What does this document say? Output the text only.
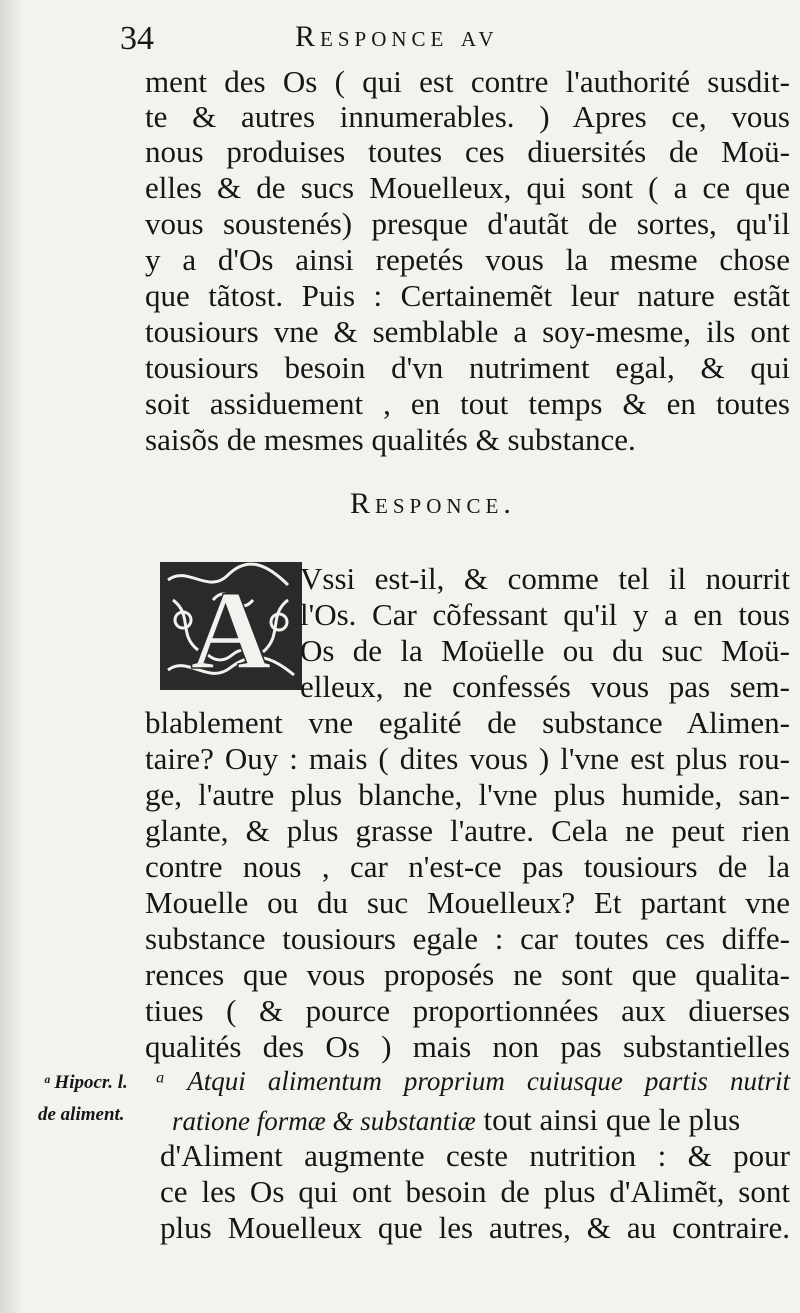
34	Responce av
ment des Os ( qui est contre l'authorité susdit-
te & autres innumerables. ) Apres ce, vous
nous produises toutes ces diuersités de Moü-
elles & de sucs Mouelleux, qui sont ( a ce que
vous soustenés) presque d'autãt de sortes, qu'il
y a d'Os ainsi repetés vous la mesme chose
que tãtost. Puis : Certainemẽt leur nature estãt
tousiours vne & semblable a soy-mesme, ils ont
tousiours besoin d'vn nutriment egal, & qui
soit assiduement , en tout temps & en toutes
saisõs de mesmes qualités & substance.
Responce.
A Vssi est-il, & comme tel il nourrit
l'Os. Car cõfessant qu'il y a en tous
Os de la Moüelle ou du suc Moü-
elleux, ne confessés vous pas sem-
blablement vne egalité de substance Alimen-
taire? Ouy : mais ( dites vous ) l'vne est plus rou-
ge, l'autre plus blanche, l'vne plus humide, san-
glante, & plus grasse l'autre. Cela ne peut rien
contre nous , car n'est-ce pas tousiours de la
Mouelle ou du suc Mouelleux? Et partant vne
substance tousiours egale : car toutes ces diffe-
rences que vous proposés ne sont que qualita-
tiues ( & pource proportionnées aux diuerses
qualités des Os ) mais non pas substantielles
ᵃ Atqui alimentum proprium cuiusque partis nutrit
ratione formæ & substantiæ tout ainsi que le plus
d'Aliment augmente ceste nutrition : & pour
ce les Os qui ont besoin de plus d'Alimẽt, sont
plus Mouelleux que les autres, & au contraire.
ᵃ Hipocr. l.
de aliment.
